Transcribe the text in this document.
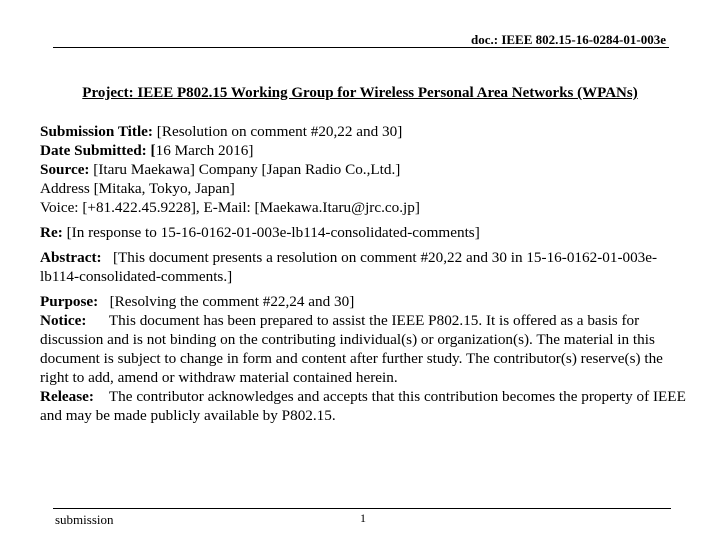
doc.: IEEE 802.15-16-0284-01-003e
Project: IEEE P802.15 Working Group for Wireless Personal Area Networks (WPANs)

Submission Title: [Resolution on comment #20,22 and 30]

Date Submitted: [16 March 2016]

Source: [Itaru Maekawa] Company [Japan Radio Co.,Ltd.]

Address [Mitaka, Tokyo, Japan]

Voice: [+81.422.45.9228], E-Mail: [Maekawa.Itaru@jrc.co.jp]

Re: [In response to 15-16-0162-01-003e-lb114-consolidated-comments]

Abstract: [This document presents a resolution on comment #20,22 and 30 in 15-16-0162-01-003e-lb114-consolidated-comments.]

Purpose: [Resolving the comment #22,24 and 30]

Notice: This document has been prepared to assist the IEEE P802.15. It is offered as a basis for discussion and is not binding on the contributing individual(s) or organization(s). The material in this document is subject to change in form and content after further study. The contributor(s) reserve(s) the right to add, amend or withdraw material contained herein.

Release: The contributor acknowledges and accepts that this contribution becomes the property of IEEE and may be made publicly available by P802.15.

submission	1
